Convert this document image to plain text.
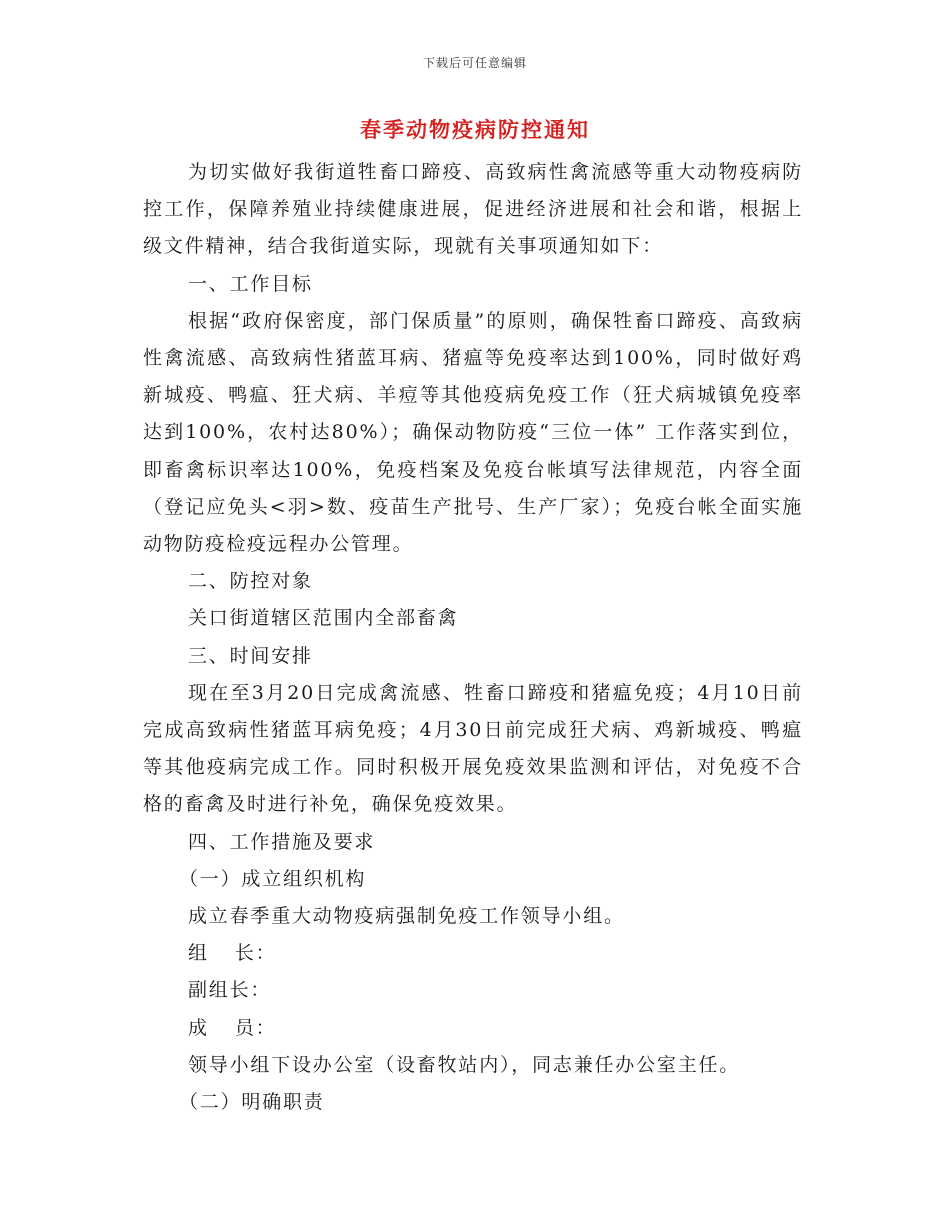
下载后可任意编辑
春季动物疫病防控通知

为切实做好我街道牲畜口蹄疫、高致病性禽流感等重大动物疫病防控工作，保障养殖业持续健康进展，促进经济进展和社会和谐，根据上级文件精神，结合我街道实际，现就有关事项通知如下：

一、工作目标

根据“政府保密度，部门保质量”的原则，确保牲畜口蹄疫、高致病性禽流感、高致病性猪蓝耳病、猪瘟等免疫率达到100%，同时做好鸡新城疫、鸭瘟、狂犬病、羊痘等其他疫病免疫工作（狂犬病城镇免疫率达到100%，农村达80%）；确保动物防疫“三位一体” 工作落实到位，即畜禽标识率达100%，免疫档案及免疫台帐填写法律规范，内容全面（登记应免头<羽>数、疫苗生产批号、生产厂家）；免疫台帐全面实施动物防疫检疫远程办公管理。

二、防控对象

关口街道辖区范围内全部畜禽

三、时间安排

现在至3月20日完成禽流感、牲畜口蹄疫和猪瘟免疫；4月10日前完成高致病性猪蓝耳病免疫；4月30日前完成狂犬病、鸡新城疫、鸭瘟等其他疫病完成工作。同时积极开展免疫效果监测和评估，对免疫不合格的畜禽及时进行补免，确保免疫效果。

四、工作措施及要求

（一）成立组织机构

成立春季重大动物疫病强制免疫工作领导小组。

组 长：

副组长：

成 员：

领导小组下设办公室（设畜牧站内），同志兼任办公室主任。

（二）明确职责
